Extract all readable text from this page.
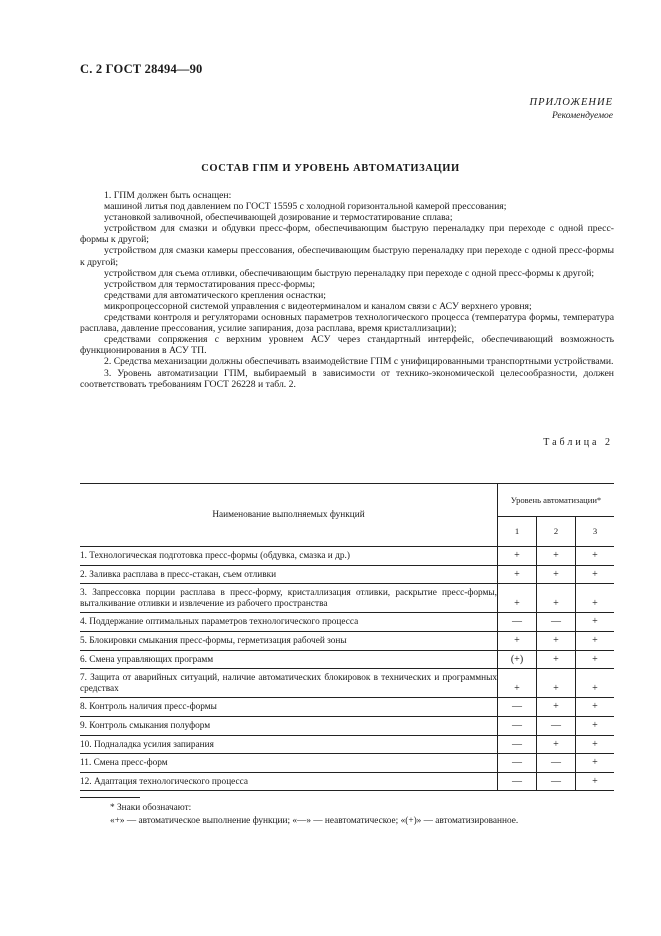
С. 2 ГОСТ 28494—90
ПРИЛОЖЕНИЕ
Рекомендуемое
СОСТАВ ГПМ И УРОВЕНЬ АВТОМАТИЗАЦИИ

1. ГПМ должен быть оснащен:

машиной литья под давлением по ГОСТ 15595 с холодной горизонтальной камерой прессования;

установкой заливочной, обеспечивающей дозирование и термостатирование сплава;

устройством для смазки и обдувки пресс-форм, обеспечивающим быструю переналадку при переходе с одной пресс-формы к другой;

устройством для смазки камеры прессования, обеспечивающим быструю переналадку при переходе с одной пресс-формы к другой;

устройством для съема отливки, обеспечивающим быструю переналадку при переходе с одной пресс-формы к другой;

устройством для термостатирования пресс-формы;

средствами для автоматического крепления оснастки;

микропроцессорной системой управления с видеотерминалом и каналом связи с АСУ верхнего уровня;

средствами контроля и регуляторами основных параметров технологического процесса (температура формы, температура расплава, давление прессования, усилие запирания, доза расплава, время кристаллизации);

средствами сопряжения с верхним уровнем АСУ через стандартный интерфейс, обеспечивающий возможность функционирования в АСУ ТП.

2. Средства механизации должны обеспечивать взаимодействие ГПМ с унифицированными транспортными устройствами.

3. Уровень автоматизации ГПМ, выбираемый в зависимости от технико-экономической целесообразности, должен соответствовать требованиям ГОСТ 26228 и табл. 2.

Таблица 2
Наименование выполняемых функций	Уровень автоматизации*		
	1	2	3
1. Технологическая подготовка пресс-формы (обдувка, смазка и др.)	+	+	+
2. Заливка расплава в пресс-стакан, съем отливки	+	+	+
3. Запрессовка порции расплава в пресс-форму, кристаллизация отливки, раскрытие пресс-формы, выталкивание отливки и извлечение из рабочего пространства	+	+	+
4. Поддержание оптимальных параметров технологического процесса	—	—	+
5. Блокировки смыкания пресс-формы, герметизация рабочей зоны	+	+	+
6. Смена управляющих программ	(+)	+	+
7. Защита от аварийных ситуаций, наличие автоматических блокировок в технических и программных средствах	+	+	+
8. Контроль наличия пресс-формы	—	+	+
9. Контроль смыкания полуформ	—	—	+
10. Подналадка усилия запирания	—	+	+
11. Смена пресс-форм	—	—	+
12. Адаптация технологического процесса	—	—	+
* Знаки обозначают:
«+» — автоматическое выполнение функции; «—» — неавтоматическое; «(+)» — автоматизированное.
